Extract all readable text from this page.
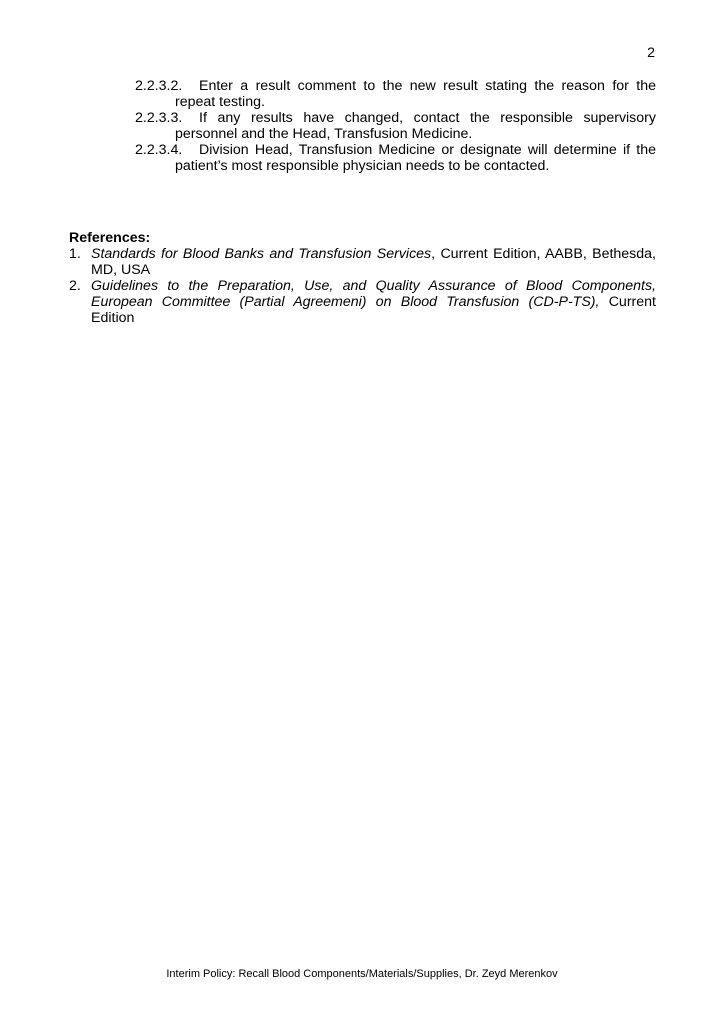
2

2.2.3.2. Enter a result comment to the new result stating the reason for the repeat testing.

2.2.3.3. If any results have changed, contact the responsible supervisory personnel and the Head, Transfusion Medicine.

2.2.3.4. Division Head, Transfusion Medicine or designate will determine if the patient’s most responsible physician needs to be contacted.

References:

1. Standards for Blood Banks and Transfusion Services, Current Edition, AABB, Bethesda, MD, USA

2. Guidelines to the Preparation, Use, and Quality Assurance of Blood Components, European Committee (Partial Agreemeni) on Blood Transfusion (CD-P-TS), Current Edition

Interim Policy: Recall Blood Components/Materials/Supplies, Dr. Zeyd Merenkov
